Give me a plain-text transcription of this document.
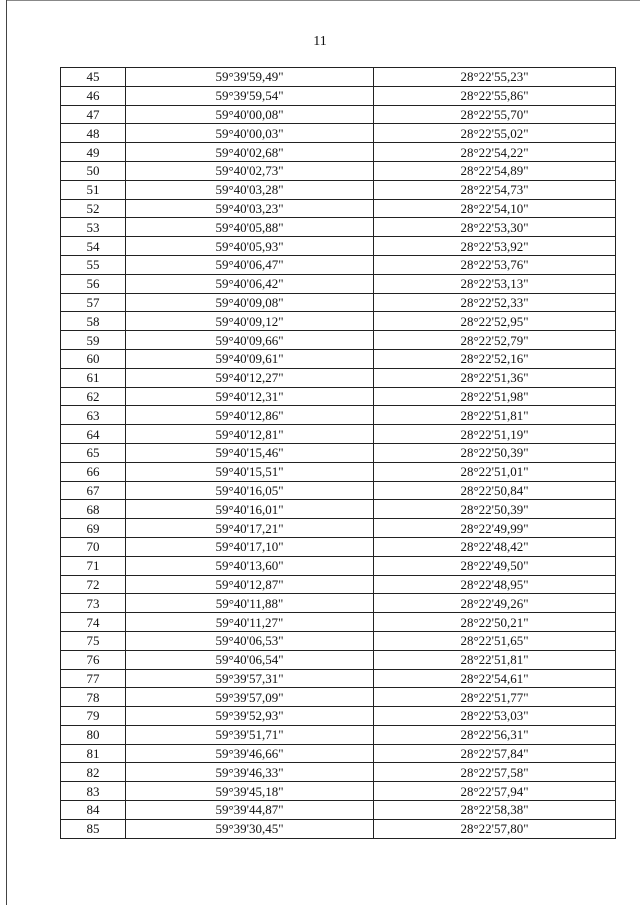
11
45	59°39'59,49"	28°22'55,23"
46	59°39'59,54"	28°22'55,86"
47	59°40'00,08"	28°22'55,70"
48	59°40'00,03"	28°22'55,02"
49	59°40'02,68"	28°22'54,22"
50	59°40'02,73"	28°22'54,89"
51	59°40'03,28"	28°22'54,73"
52	59°40'03,23"	28°22'54,10"
53	59°40'05,88"	28°22'53,30"
54	59°40'05,93"	28°22'53,92"
55	59°40'06,47"	28°22'53,76"
56	59°40'06,42"	28°22'53,13"
57	59°40'09,08"	28°22'52,33"
58	59°40'09,12"	28°22'52,95"
59	59°40'09,66"	28°22'52,79"
60	59°40'09,61"	28°22'52,16"
61	59°40'12,27"	28°22'51,36"
62	59°40'12,31"	28°22'51,98"
63	59°40'12,86"	28°22'51,81"
64	59°40'12,81"	28°22'51,19"
65	59°40'15,46"	28°22'50,39"
66	59°40'15,51"	28°22'51,01"
67	59°40'16,05"	28°22'50,84"
68	59°40'16,01"	28°22'50,39"
69	59°40'17,21"	28°22'49,99"
70	59°40'17,10"	28°22'48,42"
71	59°40'13,60"	28°22'49,50"
72	59°40'12,87"	28°22'48,95"
73	59°40'11,88"	28°22'49,26"
74	59°40'11,27"	28°22'50,21"
75	59°40'06,53"	28°22'51,65"
76	59°40'06,54"	28°22'51,81"
77	59°39'57,31"	28°22'54,61"
78	59°39'57,09"	28°22'51,77"
79	59°39'52,93"	28°22'53,03"
80	59°39'51,71"	28°22'56,31"
81	59°39'46,66"	28°22'57,84"
82	59°39'46,33"	28°22'57,58"
83	59°39'45,18"	28°22'57,94"
84	59°39'44,87"	28°22'58,38"
85	59°39'30,45"	28°22'57,80"
